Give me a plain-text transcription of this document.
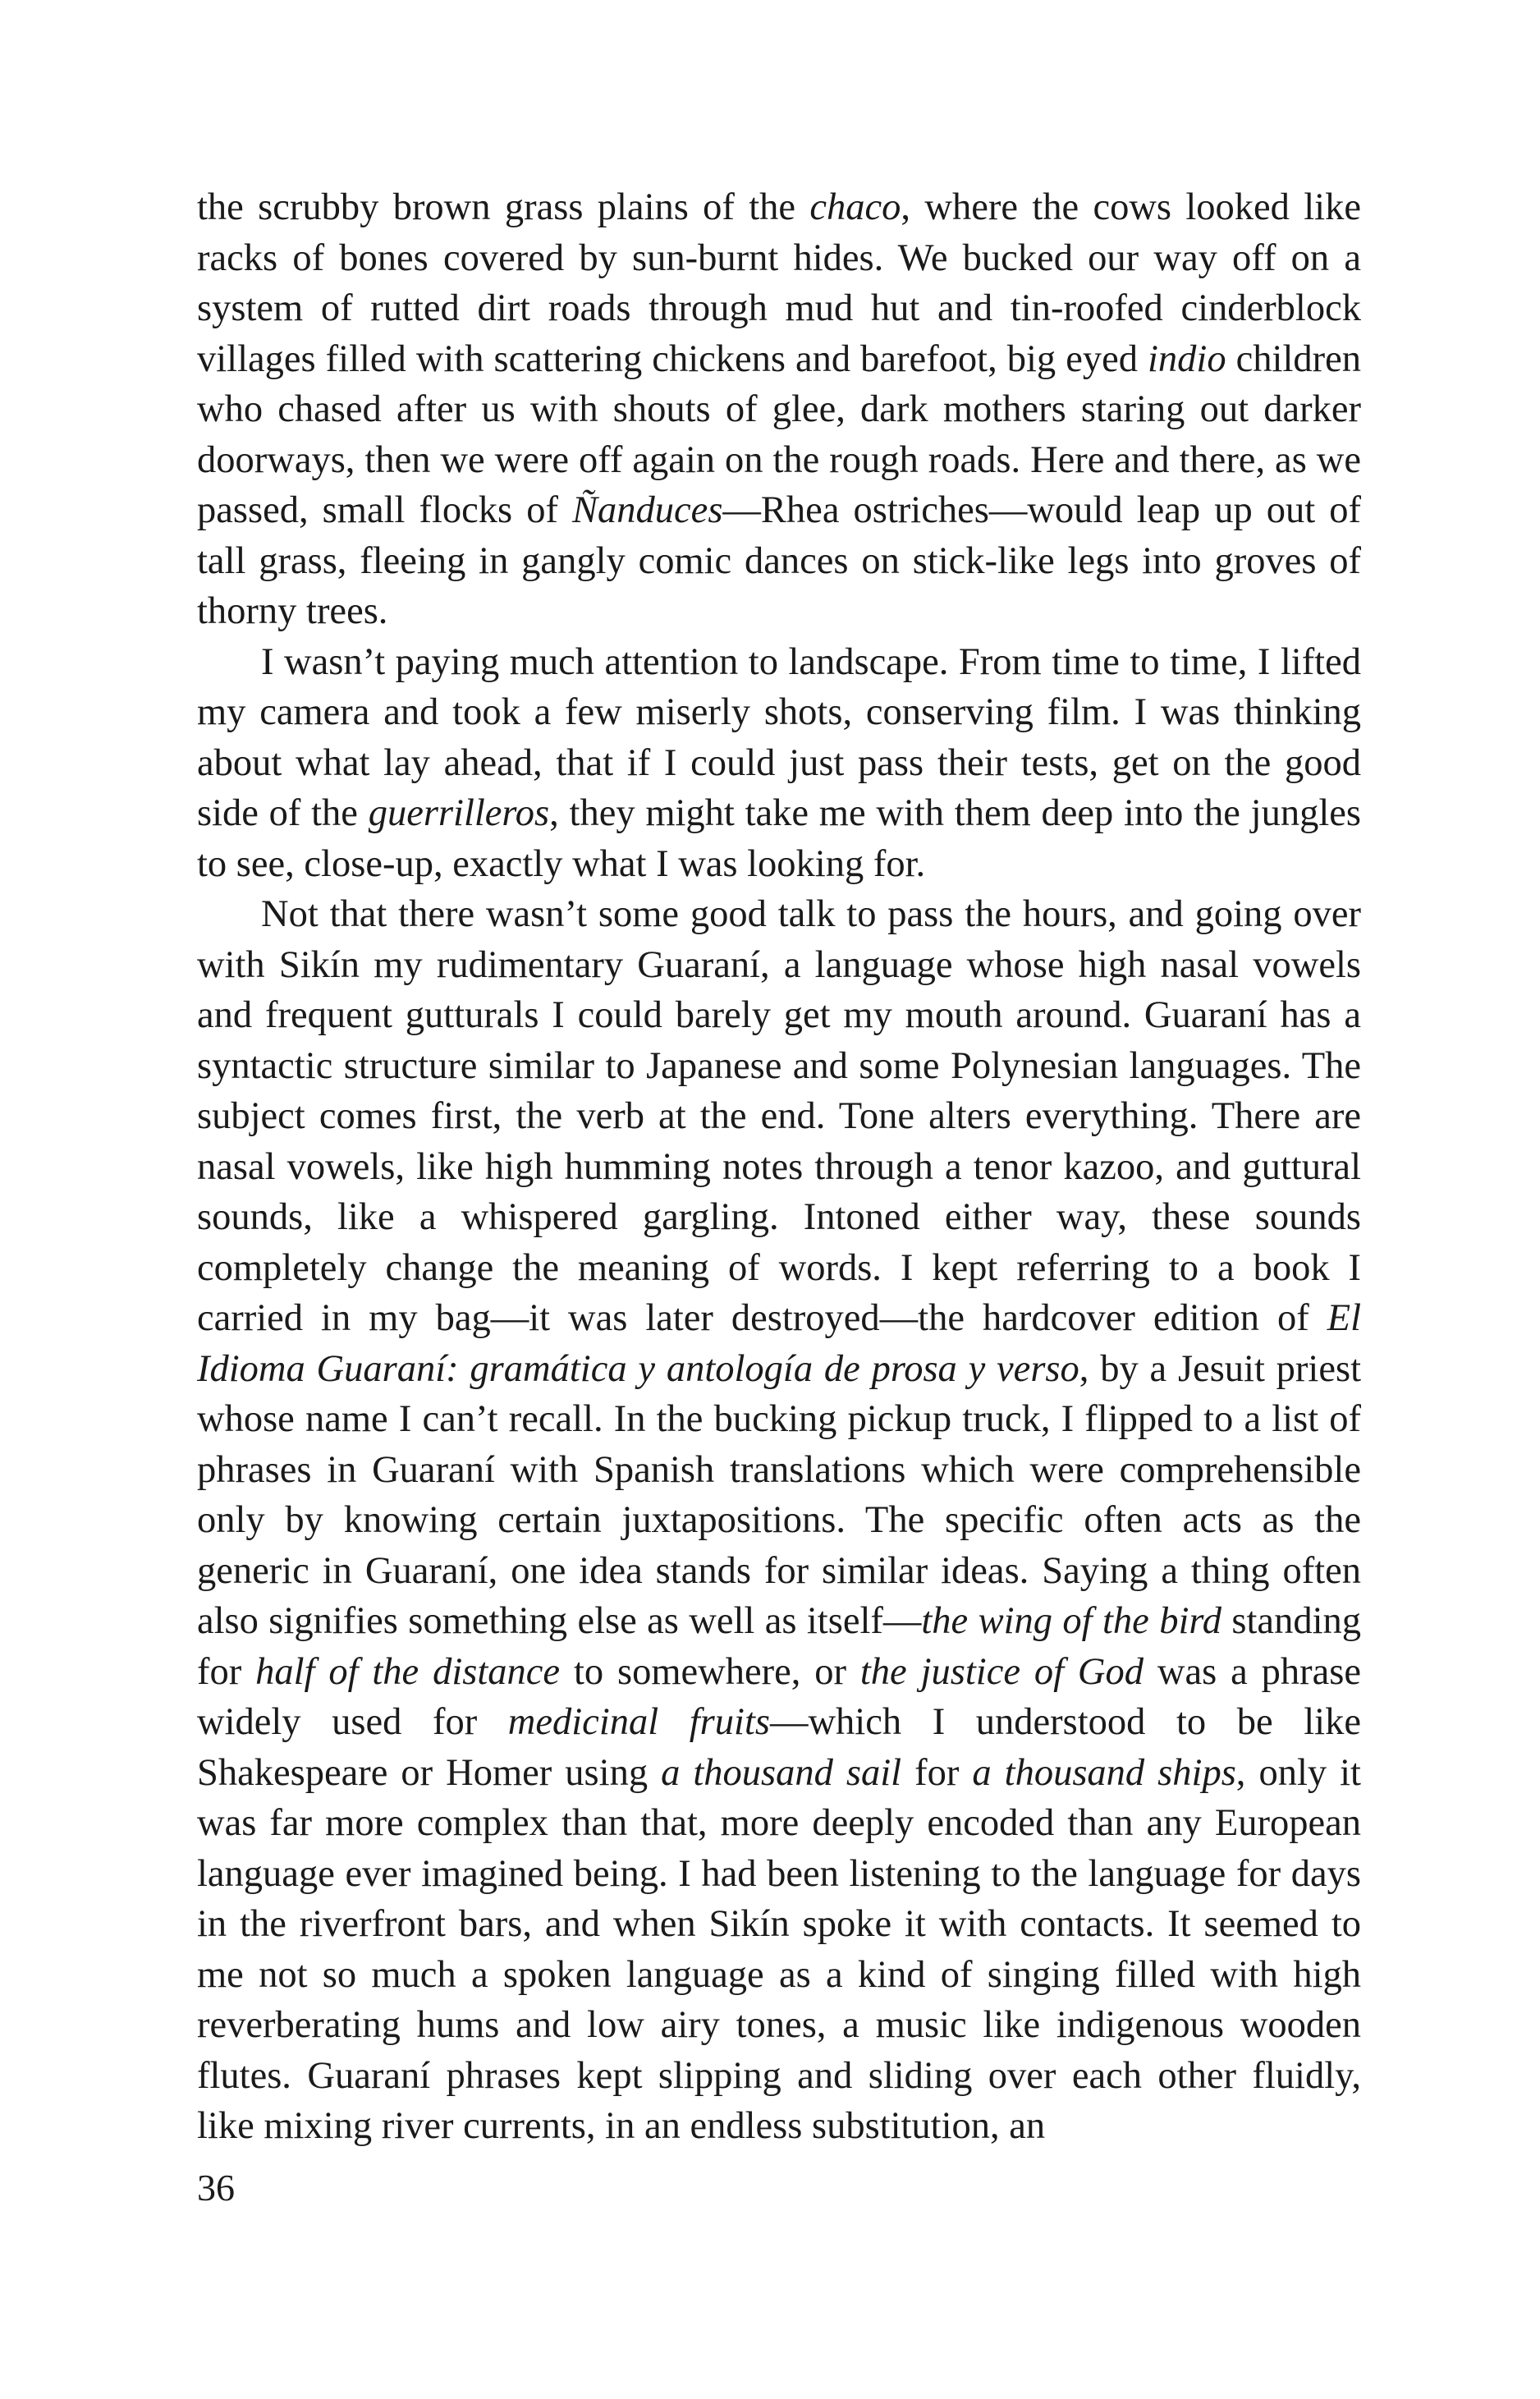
the scrubby brown grass plains of the chaco, where the cows looked like racks of bones covered by sun-burnt hides. We bucked our way off on a system of rutted dirt roads through mud hut and tin-roofed cinderblock villages filled with scattering chickens and barefoot, big eyed indio children who chased after us with shouts of glee, dark mothers staring out darker doorways, then we were off again on the rough roads. Here and there, as we passed, small flocks of Ñanduces—Rhea ostriches—would leap up out of tall grass, fleeing in gangly comic dances on stick-like legs into groves of thorny trees.

I wasn’t paying much attention to landscape. From time to time, I lifted my camera and took a few miserly shots, conserving film. I was thinking about what lay ahead, that if I could just pass their tests, get on the good side of the guerrilleros, they might take me with them deep into the jungles to see, close-up, exactly what I was looking for.

Not that there wasn’t some good talk to pass the hours, and going over with Sikín my rudimentary Guaraní, a language whose high nasal vowels and frequent gutturals I could barely get my mouth around. Guaraní has a syntactic structure similar to Japanese and some Polynesian languages. The subject comes first, the verb at the end. Tone alters everything. There are nasal vowels, like high humming notes through a tenor kazoo, and guttural sounds, like a whispered gargling. Intoned either way, these sounds completely change the meaning of words. I kept referring to a book I carried in my bag—it was later destroyed—the hardcover edition of El Idioma Guaraní: gramática y antología de prosa y verso, by a Jesuit priest whose name I can’t recall. In the bucking pickup truck, I flipped to a list of phrases in Guaraní with Spanish translations which were comprehensible only by knowing certain juxtapositions. The specific often acts as the generic in Guaraní, one idea stands for similar ideas. Saying a thing often also signifies something else as well as itself—the wing of the bird standing for half of the distance to somewhere, or the justice of God was a phrase widely used for medicinal fruits—which I understood to be like Shakespeare or Homer using a thousand sail for a thousand ships, only it was far more complex than that, more deeply encoded than any European language ever imagined being. I had been listening to the language for days in the riverfront bars, and when Sikín spoke it with contacts. It seemed to me not so much a spoken language as a kind of singing filled with high reverberating hums and low airy tones, a music like indigenous wooden flutes. Guaraní phrases kept slipping and sliding over each other fluidly, like mixing river currents, in an endless substitution, an

36
